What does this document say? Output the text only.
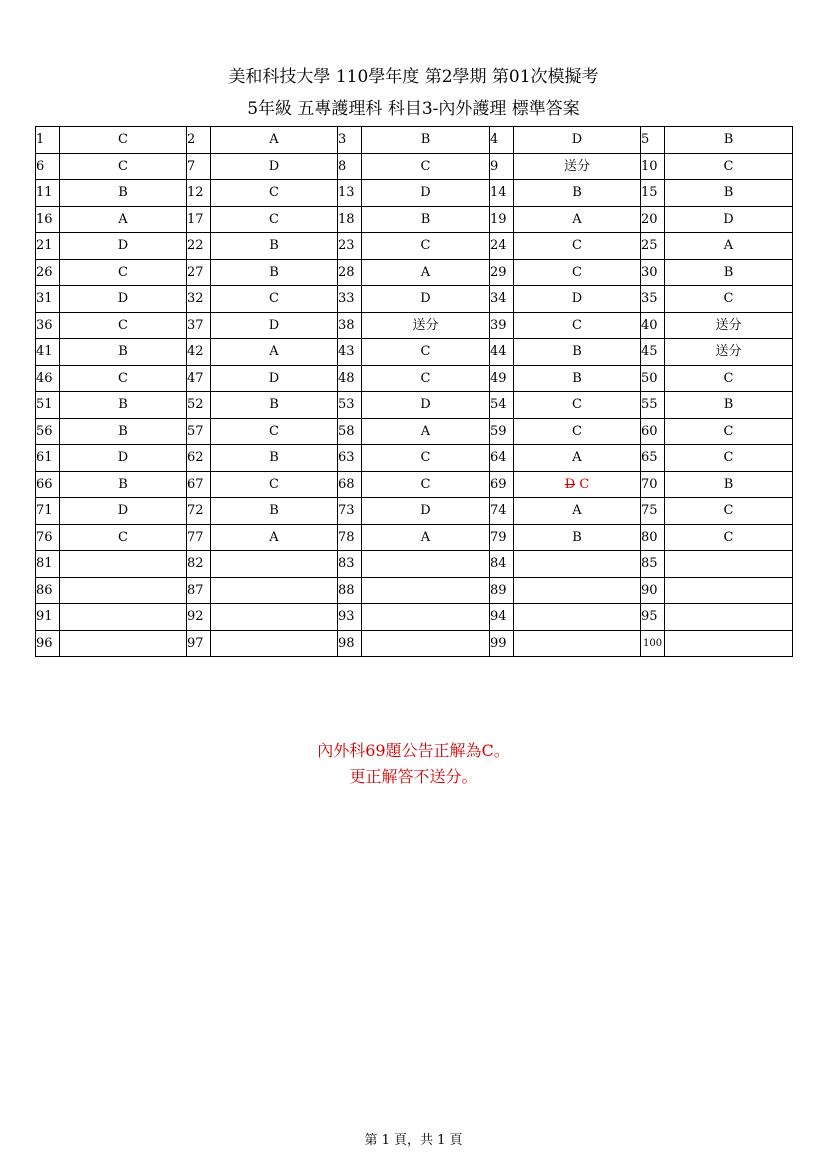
美和科技大學 110學年度 第2學期 第01次模擬考
5年級 五專護理科 科目3-內外護理 標準答案
1	C	2	A	3	B	4	D	5	B
6	C	7	D	8	C	9	送分	10	C
11	B	12	C	13	D	14	B	15	B
16	A	17	C	18	B	19	A	20	D
21	D	22	B	23	C	24	C	25	A
26	C	27	B	28	A	29	C	30	B
31	D	32	C	33	D	34	D	35	C
36	C	37	D	38	送分	39	C	40	送分
41	B	42	A	43	C	44	B	45	送分
46	C	47	D	48	C	49	B	50	C
51	B	52	B	53	D	54	C	55	B
56	B	57	C	58	A	59	C	60	C
61	D	62	B	63	C	64	A	65	C
66	B	67	C	68	C	69	D C	70	B
71	D	72	B	73	D	74	A	75	C
76	C	77	A	78	A	79	B	80	C
81		82		83		84		85	
86		87		88		89		90	
91		92		93		94		95	
96		97		98		99		100	
內外科69題公告正解為C。
更正解答不送分。
第 1 頁，共 1 頁
